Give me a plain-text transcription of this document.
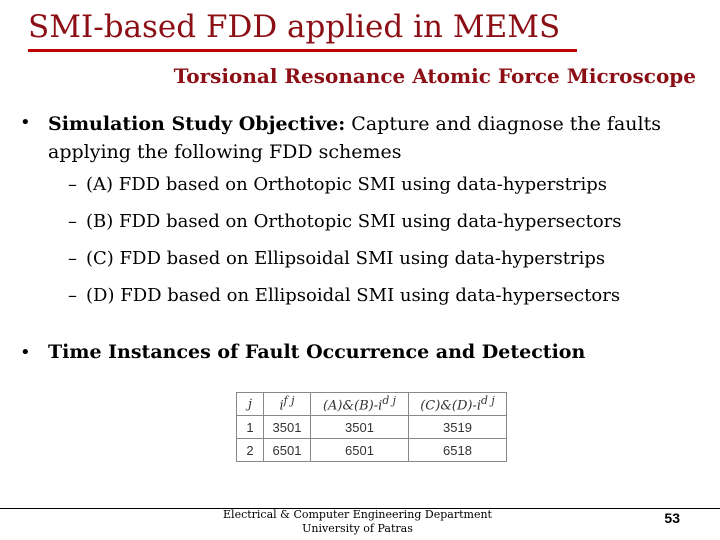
SMI-based FDD applied in MEMS
Torsional Resonance Atomic Force Microscope
• Simulation Study Objective: Capture and diagnose the faults applying the following FDD schemes
– (A) FDD based on Orthotopic SMI using data-hyperstrips
– (B) FDD based on Orthotopic SMI using data-hypersectors
– (C) FDD based on Ellipsoidal SMI using data-hyperstrips
– (D) FDD based on Ellipsoidal SMI using data-hypersectors
• Time Instances of Fault Occurrence and Detection
j	$i^{f j}$	$(A)\&(B)-i^{d j}$	$(C)\&(D)-i^{d j}$
1	3501	3501	3519
2	6501	6501	6518
Electrical & Computer Engineering Department
University of Patras
53
